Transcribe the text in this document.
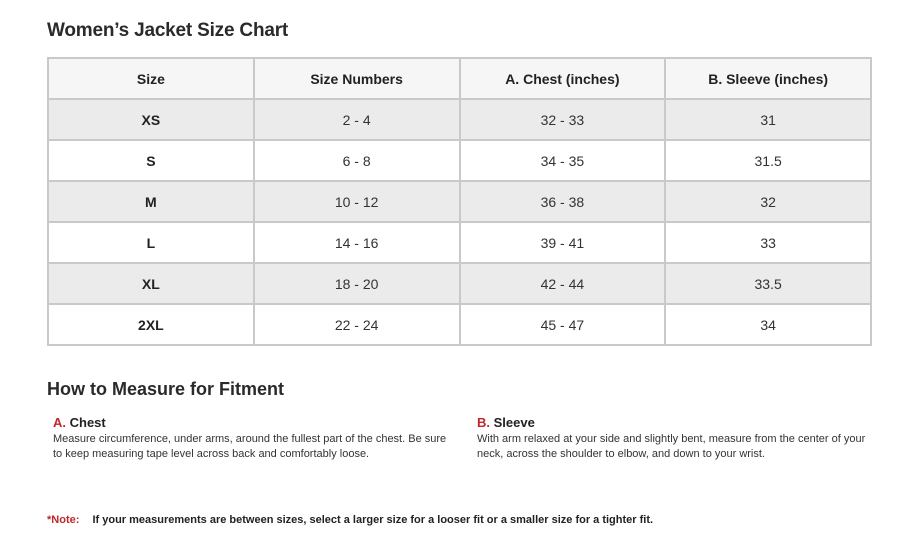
Women’s Jacket Size Chart
Size	Size Numbers	A. Chest (inches)	B. Sleeve (inches)
XS	2 - 4	32 - 33	31
S	6 - 8	34 - 35	31.5
M	10 - 12	36 - 38	32
L	14 - 16	39 - 41	33
XL	18 - 20	42 - 44	33.5
2XL	22 - 24	45 - 47	34
How to Measure for Fitment
A. Chest
Measure circumference, under arms, around the fullest part of the chest. Be sure to keep measuring tape level across back and comfortably loose.
B. Sleeve
With arm relaxed at your side and slightly bent, measure from the center of your neck, across the shoulder to elbow, and down to your wrist.
*Note: If your measurements are between sizes, select a larger size for a looser fit or a smaller size for a tighter fit.
